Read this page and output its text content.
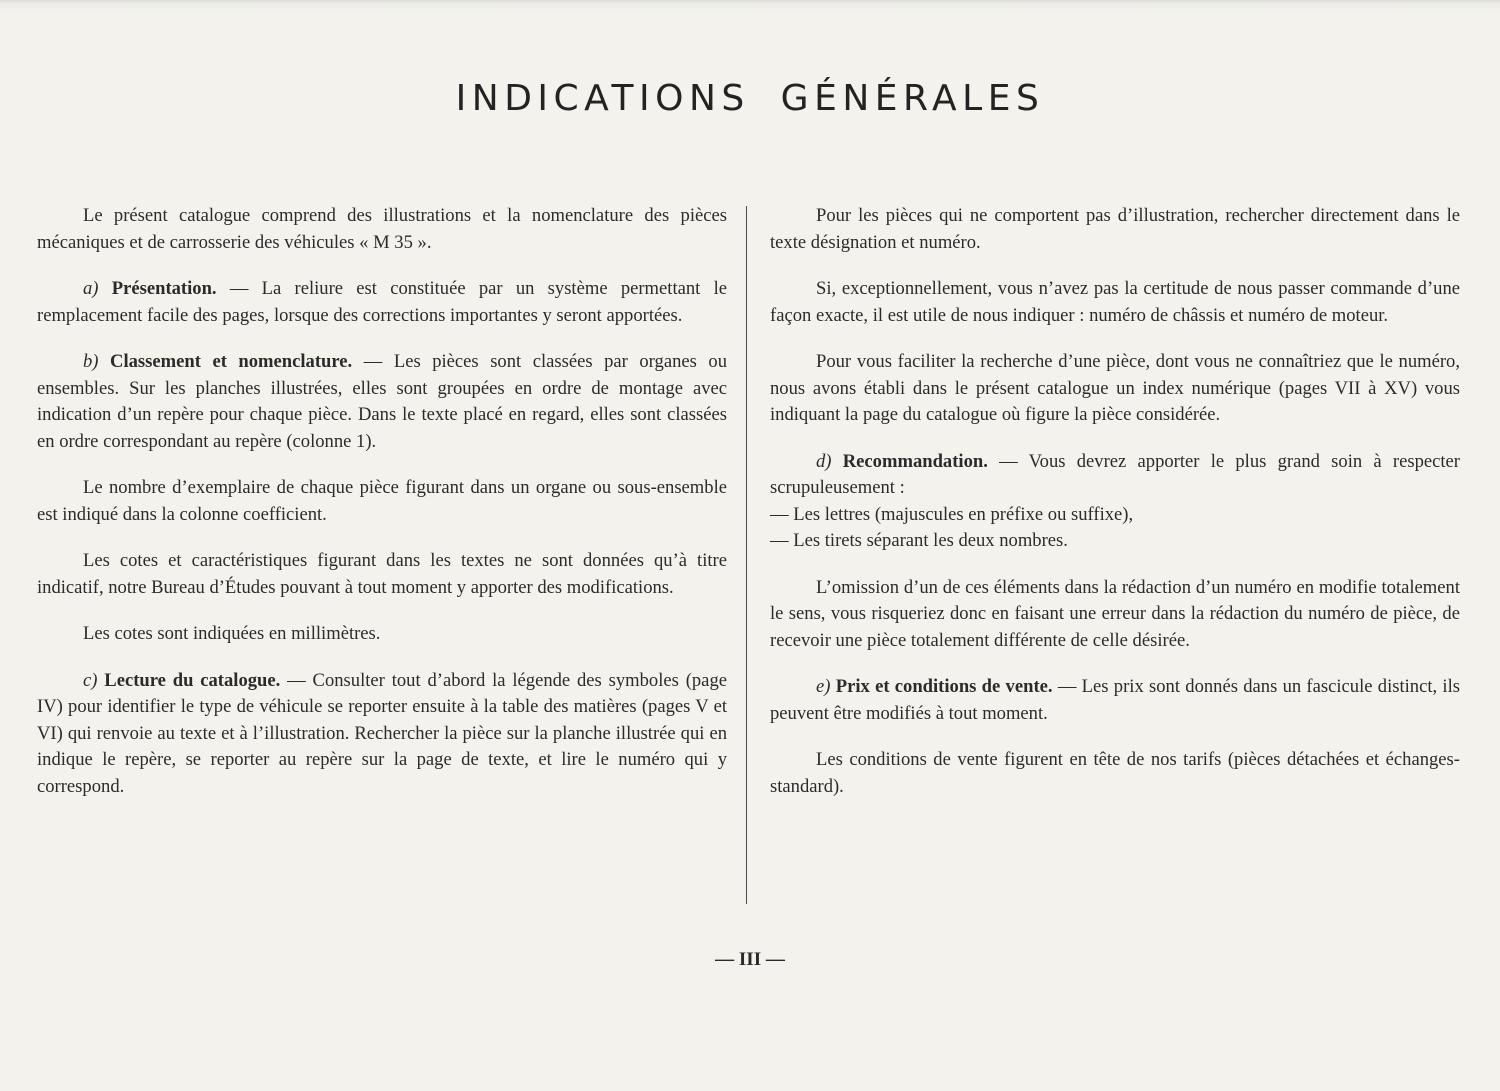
INDICATIONS GÉNÉRALES

Le présent catalogue comprend des illustrations et la nomenclature des pièces mécaniques et de carrosserie des véhicules « M 35 ».

a) Présentation. — La reliure est constituée par un système permettant le remplacement facile des pages, lorsque des corrections importantes y seront apportées.

b) Classement et nomenclature. — Les pièces sont classées par organes ou ensembles. Sur les planches illustrées, elles sont groupées en ordre de montage avec indication d’un repère pour chaque pièce. Dans le texte placé en regard, elles sont classées en ordre correspondant au repère (colonne 1).

Le nombre d’exemplaire de chaque pièce figurant dans un organe ou sous-ensemble est indiqué dans la colonne coefficient.

Les cotes et caractéristiques figurant dans les textes ne sont données qu’à titre indicatif, notre Bureau d’Études pouvant à tout moment y apporter des modifications.

Les cotes sont indiquées en millimètres.

c) Lecture du catalogue. — Consulter tout d’abord la légende des symboles (page IV) pour identifier le type de véhicule se reporter ensuite à la table des matières (pages V et VI) qui renvoie au texte et à l’illustration. Rechercher la pièce sur la planche illustrée qui en indique le repère, se reporter au repère sur la page de texte, et lire le numéro qui y correspond.

Pour les pièces qui ne comportent pas d’illustration, rechercher directement dans le texte désignation et numéro.

Si, exceptionnellement, vous n’avez pas la certitude de nous passer commande d’une façon exacte, il est utile de nous indiquer : numéro de châssis et numéro de moteur.

Pour vous faciliter la recherche d’une pièce, dont vous ne connaîtriez que le numéro, nous avons établi dans le présent catalogue un index numérique (pages VII à XV) vous indiquant la page du catalogue où figure la pièce considérée.

d) Recommandation. — Vous devrez apporter le plus grand soin à respecter scrupuleusement :

— Les lettres (majuscules en préfixe ou suffixe),

— Les tirets séparant les deux nombres.

L’omission d’un de ces éléments dans la rédaction d’un numéro en modifie totalement le sens, vous risqueriez donc en faisant une erreur dans la rédaction du numéro de pièce, de recevoir une pièce totalement différente de celle désirée.

e) Prix et conditions de vente. — Les prix sont donnés dans un fascicule distinct, ils peuvent être modifiés à tout moment.

Les conditions de vente figurent en tête de nos tarifs (pièces détachées et échanges-standard).

— III —
